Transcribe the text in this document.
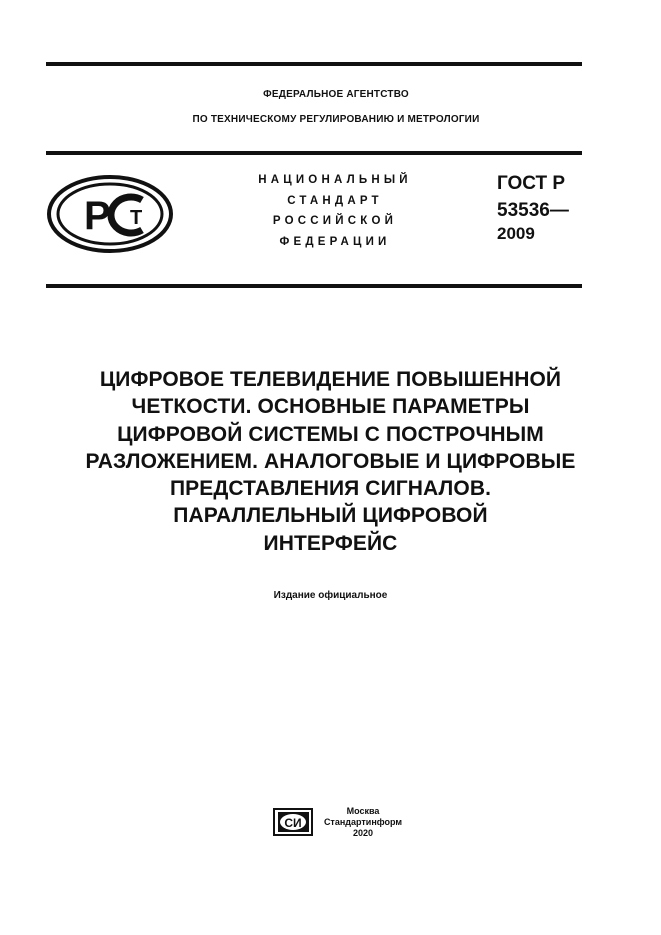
ФЕДЕРАЛЬНОЕ АГЕНТСТВО
ПО ТЕХНИЧЕСКОМУ РЕГУЛИРОВАНИЮ И МЕТРОЛОГИИ
Р Т
НАЦИОНАЛЬНЫЙ
СТАНДАРТ
РОССИЙСКОЙ
ФЕДЕРАЦИИ
ГОСТ Р
53536—
2009
ЦИФРОВОЕ ТЕЛЕВИДЕНИЕ ПОВЫШЕННОЙ
ЧЕТКОСТИ. ОСНОВНЫЕ ПАРАМЕТРЫ
ЦИФРОВОЙ СИСТЕМЫ С ПОСТРОЧНЫМ
РАЗЛОЖЕНИЕМ. АНАЛОГОВЫЕ И ЦИФРОВЫЕ
ПРЕДСТАВЛЕНИЯ СИГНАЛОВ.
ПАРАЛЛЕЛЬНЫЙ ЦИФРОВОЙ
ИНТЕРФЕЙС
Издание официальное
СИ
Москва
Стандартинформ
2020
